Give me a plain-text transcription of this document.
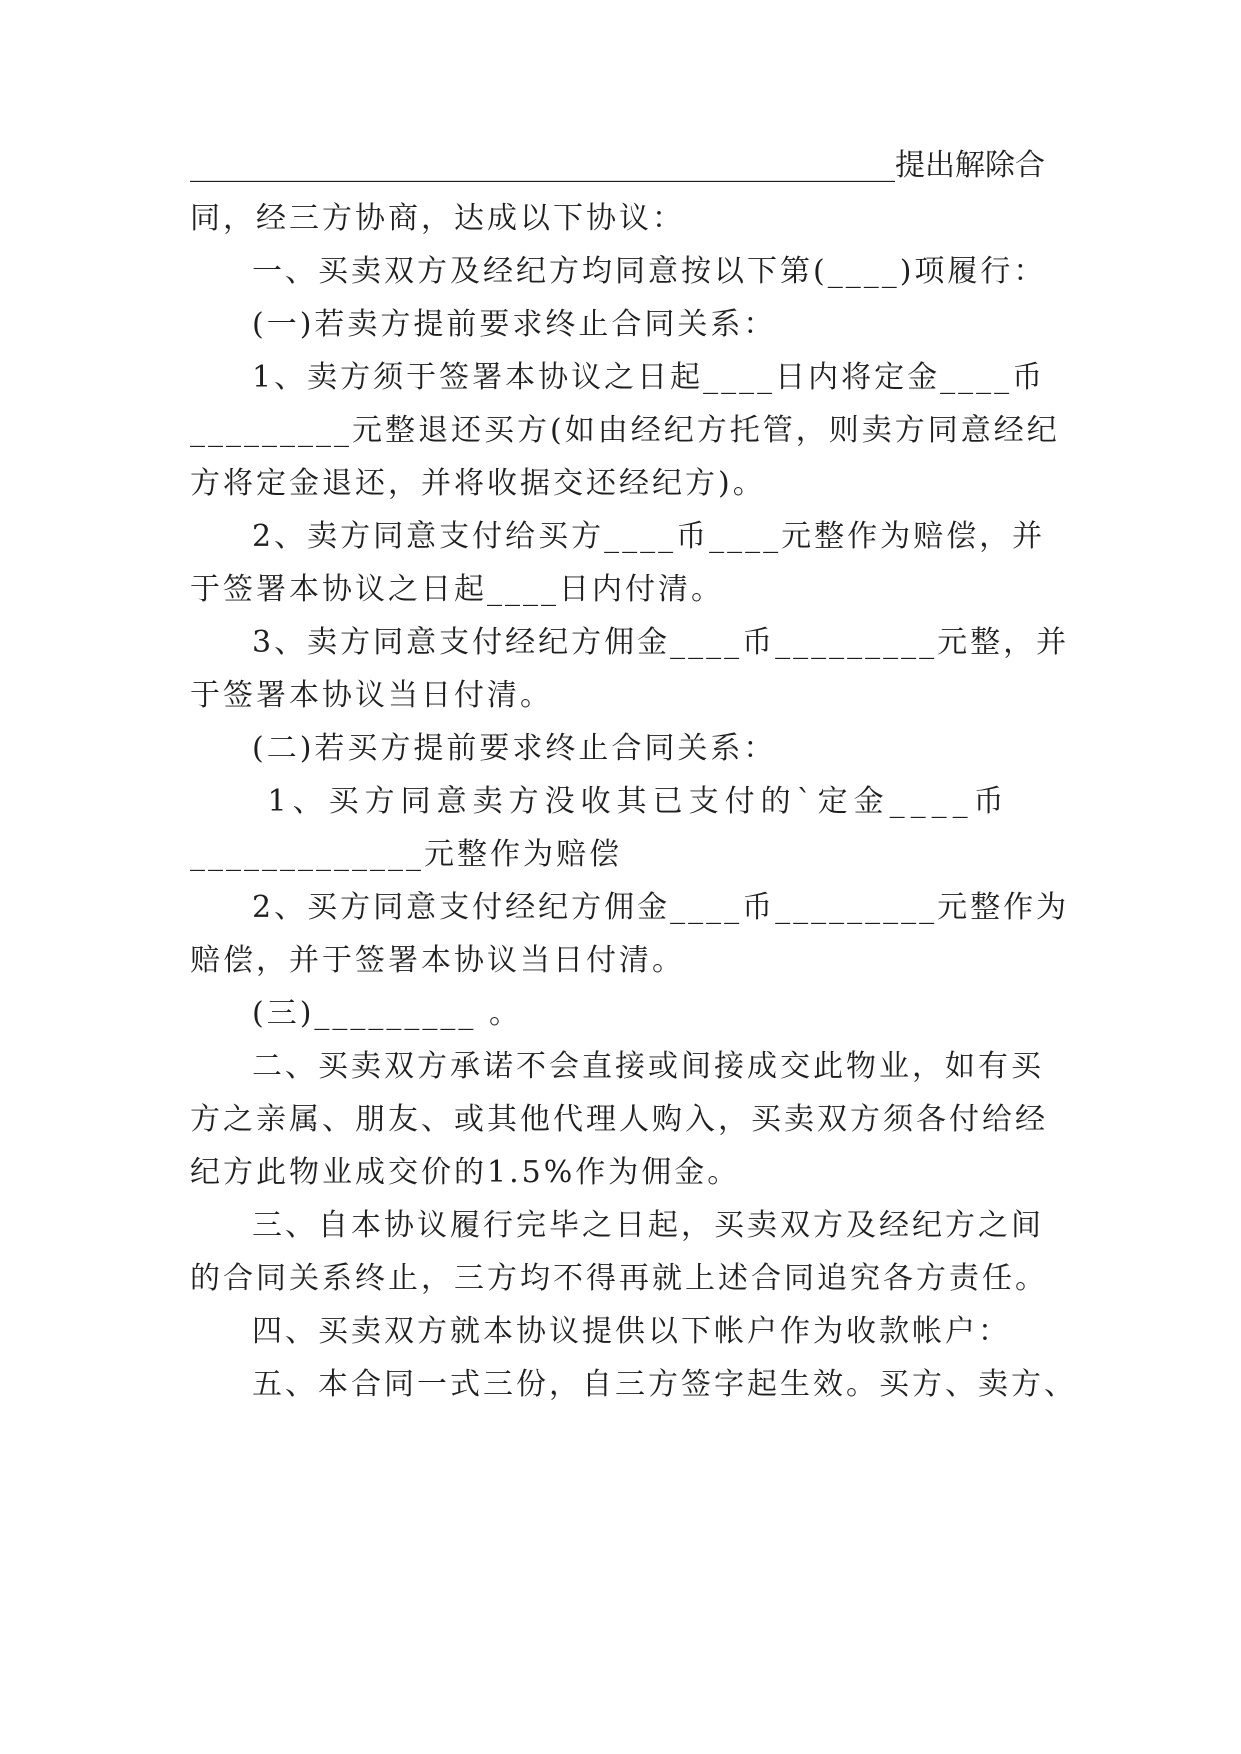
_______________________________________________提出解除合
同，经三方协商，达成以下协议：
一、买卖双方及经纪方均同意按以下第(____)项履行：
(一)若卖方提前要求终止合同关系：
1、卖方须于签署本协议之日起____日内将定金____币
_________元整退还买方(如由经纪方托管，则卖方同意经纪
方将定金退还，并将收据交还经纪方)。
2、卖方同意支付给买方____币____元整作为赔偿，并
于签署本协议之日起____日内付清。
3、卖方同意支付经纪方佣金____币_________元整，并
于签署本协议当日付清。
(二)若买方提前要求终止合同关系：
1、买方同意卖方没收其已支付的`定金____币
_____________元整作为赔偿
2、买方同意支付经纪方佣金____币_________元整作为
赔偿，并于签署本协议当日付清。
(三)_________ 。
二、买卖双方承诺不会直接或间接成交此物业，如有买
方之亲属、朋友、或其他代理人购入，买卖双方须各付给经
纪方此物业成交价的1.5%作为佣金。
三、自本协议履行完毕之日起，买卖双方及经纪方之间
的合同关系终止，三方均不得再就上述合同追究各方责任。
四、买卖双方就本协议提供以下帐户作为收款帐户：
五、本合同一式三份，自三方签字起生效。买方、卖方、
